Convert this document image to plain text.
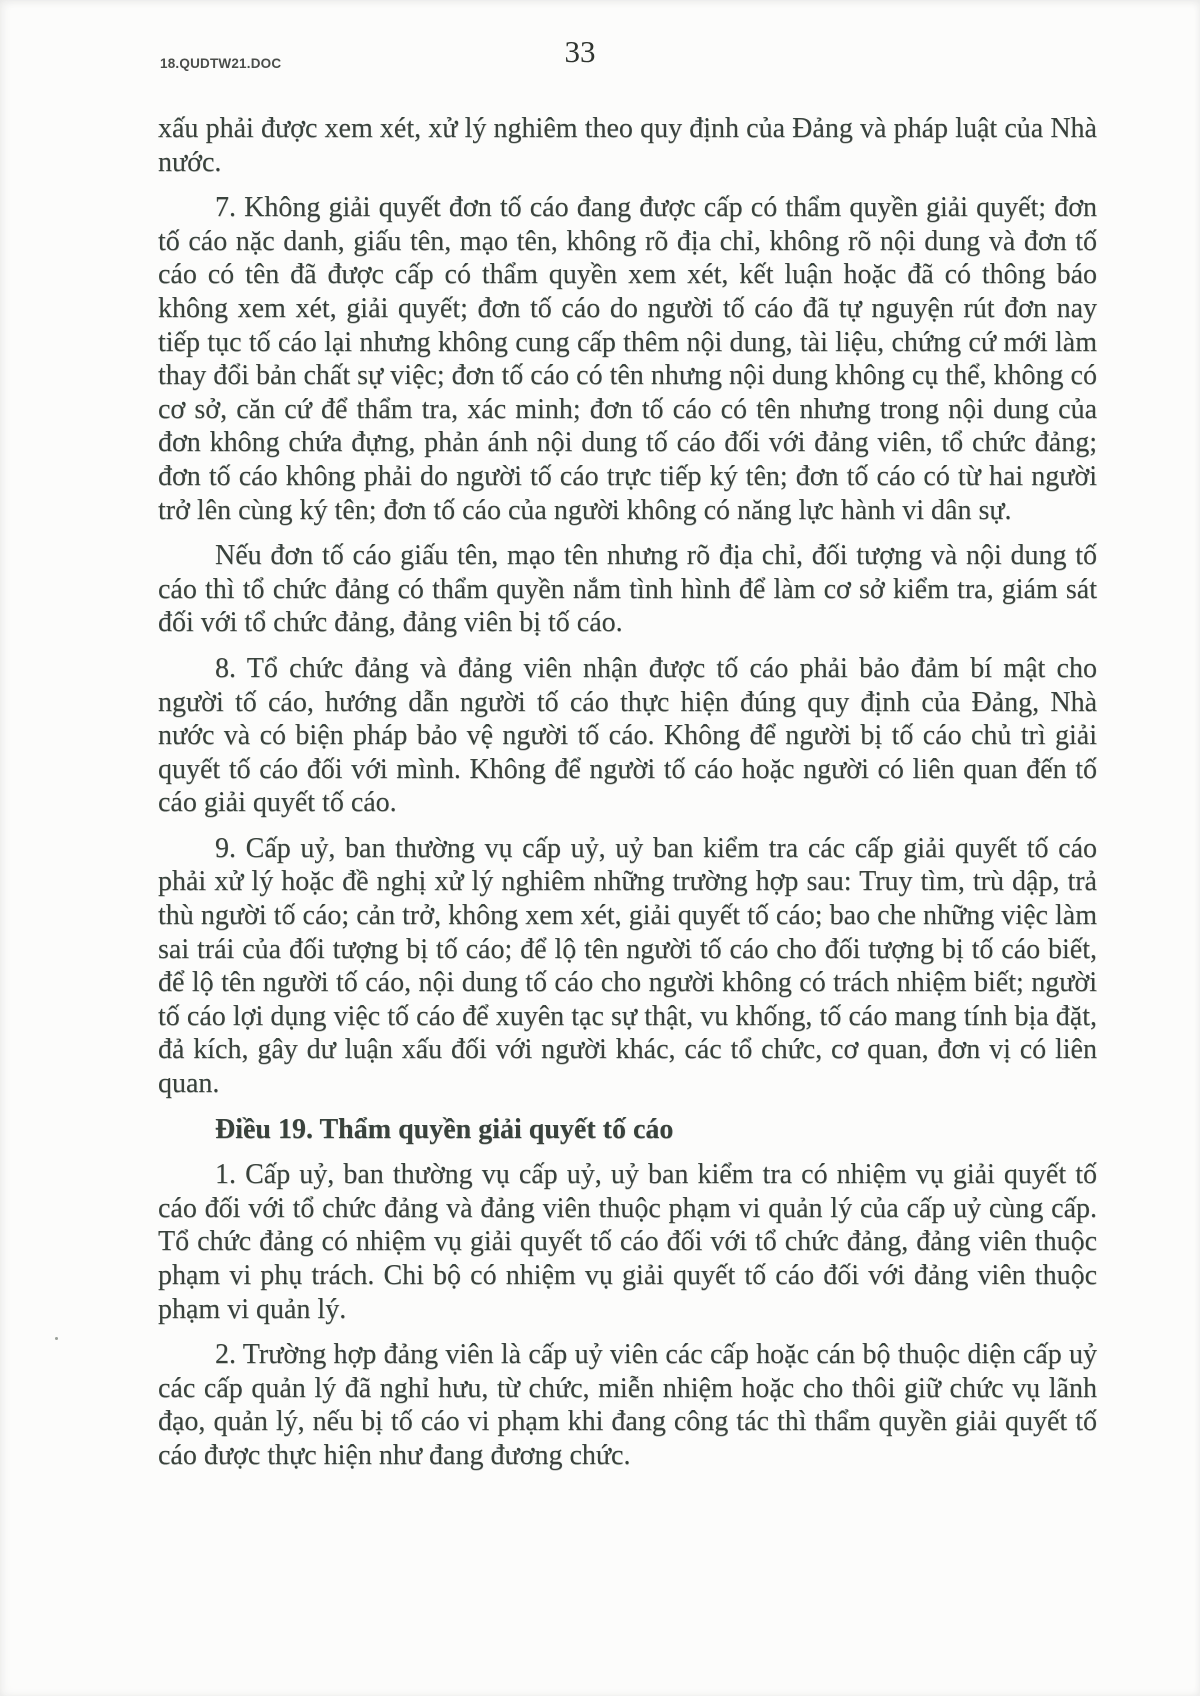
18.QUDTW21.DOC	33

xấu phải được xem xét, xử lý nghiêm theo quy định của Đảng và pháp luật của Nhà nước.

7. Không giải quyết đơn tố cáo đang được cấp có thẩm quyền giải quyết; đơn tố cáo nặc danh, giấu tên, mạo tên, không rõ địa chỉ, không rõ nội dung và đơn tố cáo có tên đã được cấp có thẩm quyền xem xét, kết luận hoặc đã có thông báo không xem xét, giải quyết; đơn tố cáo do người tố cáo đã tự nguyện rút đơn nay tiếp tục tố cáo lại nhưng không cung cấp thêm nội dung, tài liệu, chứng cứ mới làm thay đổi bản chất sự việc; đơn tố cáo có tên nhưng nội dung không cụ thể, không có cơ sở, căn cứ để thẩm tra, xác minh; đơn tố cáo có tên nhưng trong nội dung của đơn không chứa đựng, phản ánh nội dung tố cáo đối với đảng viên, tổ chức đảng; đơn tố cáo không phải do người tố cáo trực tiếp ký tên; đơn tố cáo có từ hai người trở lên cùng ký tên; đơn tố cáo của người không có năng lực hành vi dân sự.

Nếu đơn tố cáo giấu tên, mạo tên nhưng rõ địa chỉ, đối tượng và nội dung tố cáo thì tổ chức đảng có thẩm quyền nắm tình hình để làm cơ sở kiểm tra, giám sát đối với tổ chức đảng, đảng viên bị tố cáo.

8. Tổ chức đảng và đảng viên nhận được tố cáo phải bảo đảm bí mật cho người tố cáo, hướng dẫn người tố cáo thực hiện đúng quy định của Đảng, Nhà nước và có biện pháp bảo vệ người tố cáo. Không để người bị tố cáo chủ trì giải quyết tố cáo đối với mình. Không để người tố cáo hoặc người có liên quan đến tố cáo giải quyết tố cáo.

9. Cấp uỷ, ban thường vụ cấp uỷ, uỷ ban kiểm tra các cấp giải quyết tố cáo phải xử lý hoặc đề nghị xử lý nghiêm những trường hợp sau: Truy tìm, trù dập, trả thù người tố cáo; cản trở, không xem xét, giải quyết tố cáo; bao che những việc làm sai trái của đối tượng bị tố cáo; để lộ tên người tố cáo cho đối tượng bị tố cáo biết, để lộ tên người tố cáo, nội dung tố cáo cho người không có trách nhiệm biết; người tố cáo lợi dụng việc tố cáo để xuyên tạc sự thật, vu khống, tố cáo mang tính bịa đặt, đả kích, gây dư luận xấu đối với người khác, các tổ chức, cơ quan, đơn vị có liên quan.

Điều 19. Thẩm quyền giải quyết tố cáo

1. Cấp uỷ, ban thường vụ cấp uỷ, uỷ ban kiểm tra có nhiệm vụ giải quyết tố cáo đối với tổ chức đảng và đảng viên thuộc phạm vi quản lý của cấp uỷ cùng cấp. Tổ chức đảng có nhiệm vụ giải quyết tố cáo đối với tổ chức đảng, đảng viên thuộc phạm vi phụ trách. Chi bộ có nhiệm vụ giải quyết tố cáo đối với đảng viên thuộc phạm vi quản lý.

2. Trường hợp đảng viên là cấp uỷ viên các cấp hoặc cán bộ thuộc diện cấp uỷ các cấp quản lý đã nghỉ hưu, từ chức, miễn nhiệm hoặc cho thôi giữ chức vụ lãnh đạo, quản lý, nếu bị tố cáo vi phạm khi đang công tác thì thẩm quyền giải quyết tố cáo được thực hiện như đang đương chức.
